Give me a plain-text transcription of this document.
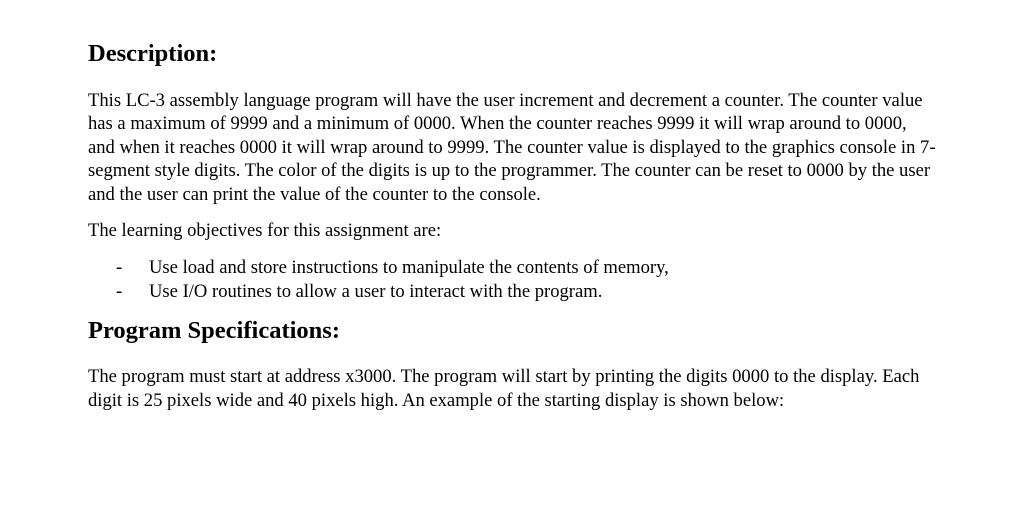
Description:

This LC-3 assembly language program will have the user increment and decrement a counter. The counter value has a maximum of 9999 and a minimum of 0000. When the counter reaches 9999 it will wrap around to 0000, and when it reaches 0000 it will wrap around to 9999. The counter value is displayed to the graphics console in 7-segment style digits. The color of the digits is up to the programmer. The counter can be reset to 0000 by the user and the user can print the value of the counter to the console.

The learning objectives for this assignment are:

- Use load and store instructions to manipulate the contents of memory,
- Use I/O routines to allow a user to interact with the program.
Program Specifications:

The program must start at address x3000. The program will start by printing the digits 0000 to the display. Each digit is 25 pixels wide and 40 pixels high. An example of the starting display is shown below:
